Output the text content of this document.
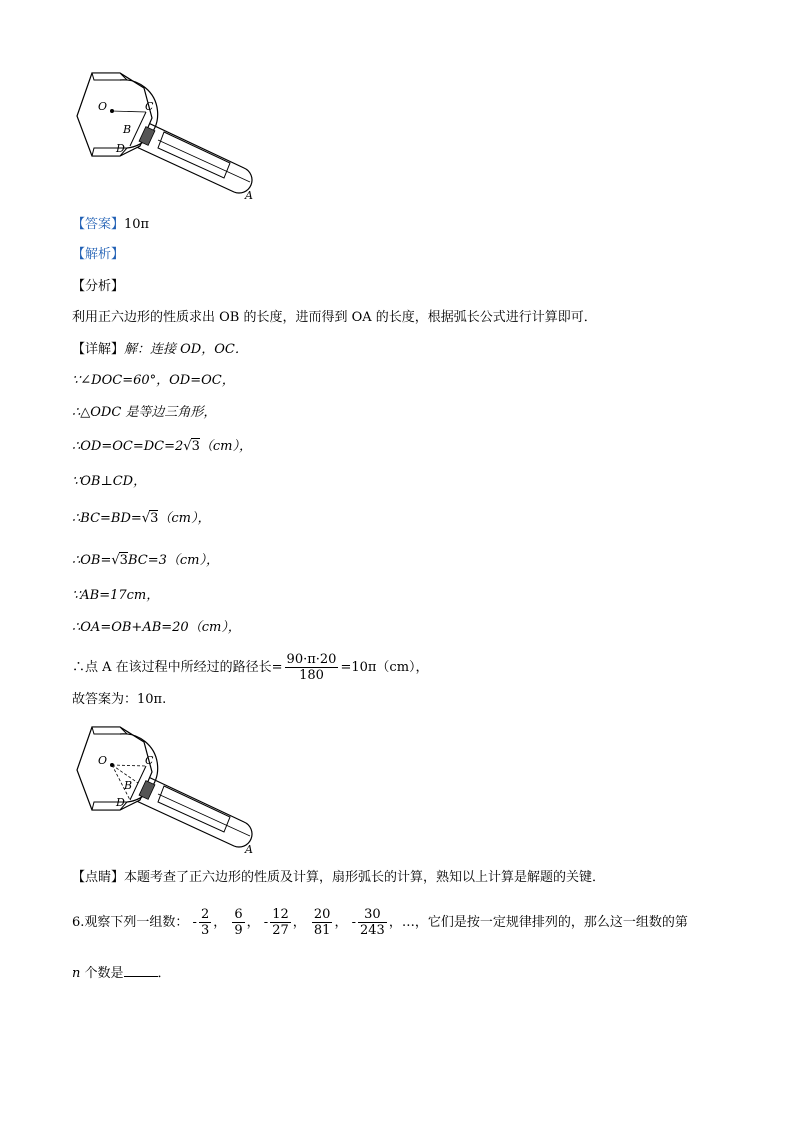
O	C
B
D
A
【答案】10π
【解析】
【分析】
利用正六边形的性质求出 OB 的长度，进而得到 OA 的长度，根据弧长公式进行计算即可．
【详解】解：连接 OD，OC．
∵∠DOC=60°，OD=OC，
∴△ODC 是等边三角形，
∴OD=OC=DC=2√3（cm），
∵OB⊥CD，
∴BC=BD=√3（cm），
∴OB=√3BC=3（cm），
∵AB=17cm，
∴OA=OB+AB=20（cm），
∴点 A 在该过程中所经过的路径长= $\frac{90\cdot\pi\cdot 20}{180} =10\pi(cm)$，
故答案为：10π.
O	C
B
D
A
【点睛】本题考查了正六边形的性质及计算，扇形弧长的计算，熟知以上计算是解题的关键．
6.观察下列一组数： - $\frac{2}{3}$ ， $\frac{6}{9}$ ， - $\frac{12}{27}$ ， $\frac{20}{81}$ ， - $\frac{30}{243}$ ，…，它们是按一定规律排列的，那么这一组数的第
n 个数是	．
